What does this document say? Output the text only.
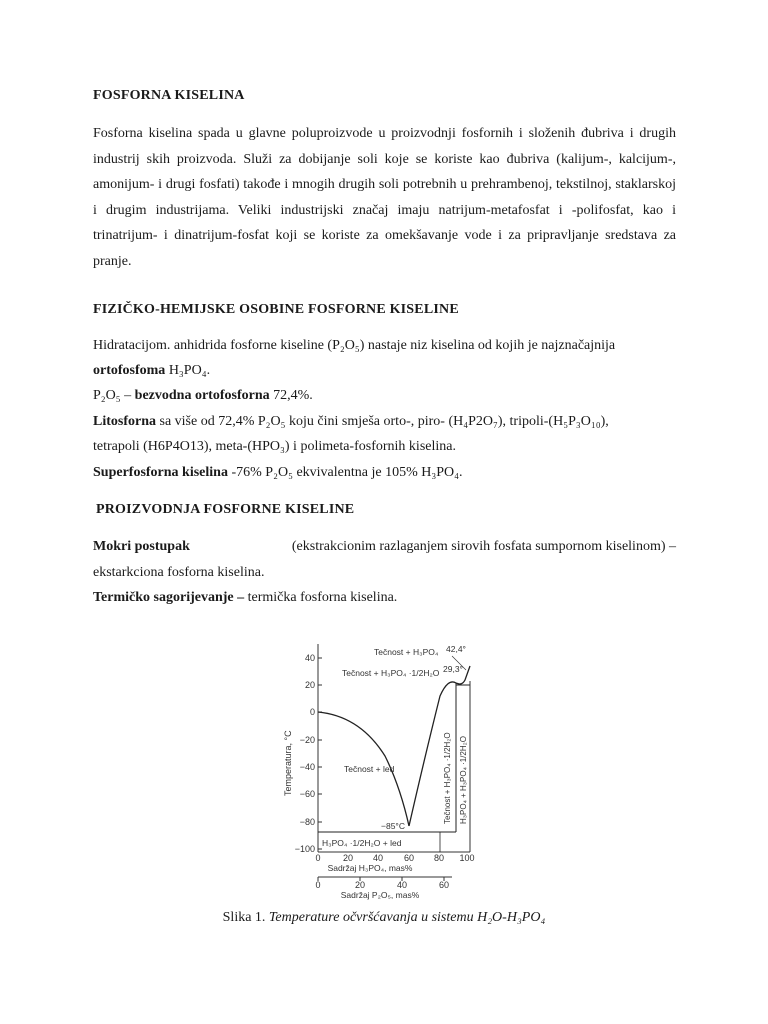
FOSFORNA KISELINA
Fosforna kiselina spada u glavne poluproizvode u proizvodnji fosfornih i složenih đubriva i drugih industrij skih proizvoda. Služi za dobijanje soli koje se koriste kao đubriva (kalijum-, kalcijum-, amonijum- i drugi fosfati) takođe i mnogih drugih soli potrebnih u prehrambenoj, tekstilnoj, staklarskoj i drugim industrijama. Veliki industrijski značaj imaju natrijum-metafosfat i -polifosfat, kao i trinatrijum- i dinatrijum-fosfat koji se koriste za omekšavanje vode i za pripravljanje sredstava za pranje.
FIZIČKO-HEMIJSKE OSOBINE FOSFORNE KISELINE
Hidratacijom. anhidrida fosforne kiseline (P₂O₅) nastaje niz kiselina od kojih je najznačajnija
ortofosfoma H₃PO₄.
P₂O₅ – bezvodna ortofosforna 72,4%.
Litosforna sa više od 72,4% P₂O₅ koju čini smješa orto-, piro- (H₄P2O₇), tripoli-(H₅P₃O₁₀),
tetrapoli (H6P4O13), meta-(HPO₃) i polimeta-fosfornih kiselina.
Superfosforna kiselina -76% P₂O₅ ekvivalentna je 105% H₃PO₄.
PROIZVODNJA FOSFORNE KISELINE
Mokri postupak	(ekstrakcionim razlaganjem sirovih fosfata sumpornom kiselinom) –
ekstarkciona fosforna kiselina.
Termičko sagorijevanje – termička fosforna kiselina.
40
20
0
−20
−40
−60
−80
−100
Temperatura, °C
0 20 40 60 80 100
Sadržaj H₃PO₄, mas%
0	20	40	60
Sadržaj P₂O₅, mas%
Tečnost + H₃PO₄ 42,4°
Tečnost + H₃PO₄ ·1/2H₂O 29,3°
Tečnost + led
−85°C
H₃PO₄ ·1/2H₂O + led
Tečnost + H₃PO₄ ·1/2H₂O H₃PO₄ + H₃PO₄ ·1/2H₂O
Slika 1. Temperature očvršćavanja u sistemu H₂O-H₃PO₄
